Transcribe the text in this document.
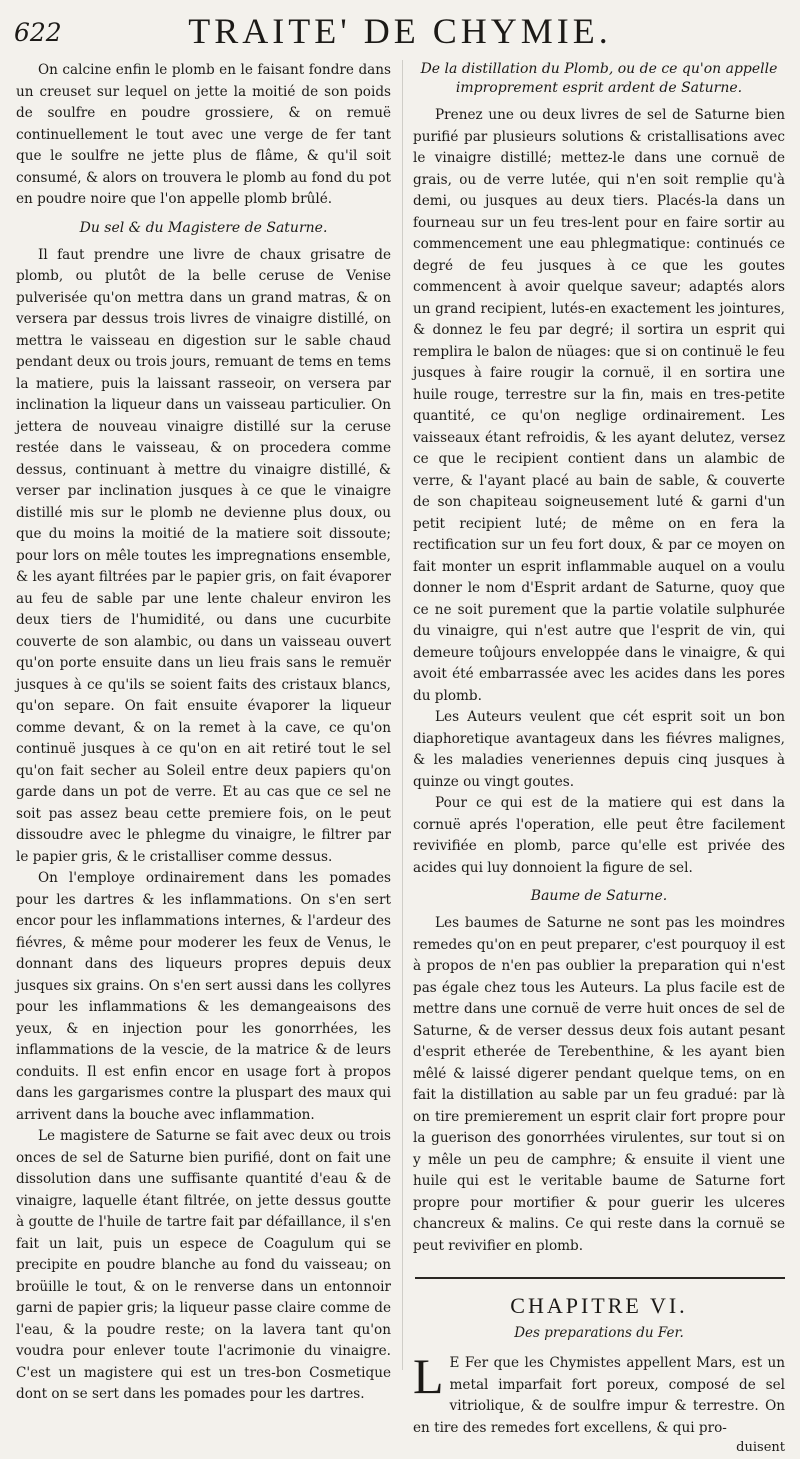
622	TRAITE' DE CHYMIE.

On calcine enfin le plomb en le faisant fondre dans un creuset sur lequel on jette la moitié de son poids de soulfre en poudre grossiere, & on remuë continuellement le tout avec une verge de fer tant que le soulfre ne jette plus de flâme, & qu'il soit consumé, & alors on trouvera le plomb au fond du pot en poudre noire que l'on appelle plomb brûlé.

Du sel & du Magistere de Saturne.

Il faut prendre une livre de chaux grisatre de plomb, ou plutôt de la belle ceruse de Venise pulverisée qu'on mettra dans un grand matras, & on versera par dessus trois livres de vinaigre distillé, on mettra le vaisseau en digestion sur le sable chaud pendant deux ou trois jours, remuant de tems en tems la matiere, puis la laissant rasseoir, on versera par inclination la liqueur dans un vaisseau particulier. On jettera de nouveau vinaigre distillé sur la ceruse restée dans le vaisseau, & on procedera comme dessus, continuant à mettre du vinaigre distillé, & verser par inclination jusques à ce que le vinaigre distillé mis sur le plomb ne devienne plus doux, ou que du moins la moitié de la matiere soit dissoute; pour lors on mêle toutes les impregnations ensemble, & les ayant filtrées par le papier gris, on fait évaporer au feu de sable par une lente chaleur environ les deux tiers de l'humidité, ou dans une cucurbite couverte de son alambic, ou dans un vaisseau ouvert qu'on porte ensuite dans un lieu frais sans le remuër jusques à ce qu'ils se soient faits des cristaux blancs, qu'on separe. On fait ensuite évaporer la liqueur comme devant, & on la remet à la cave, ce qu'on continuë jusques à ce qu'on en ait retiré tout le sel qu'on fait secher au Soleil entre deux papiers qu'on garde dans un pot de verre. Et au cas que ce sel ne soit pas assez beau cette premiere fois, on le peut dissoudre avec le phlegme du vinaigre, le filtrer par le papier gris, & le cristalliser comme dessus.

On l'employe ordinairement dans les pomades pour les dartres & les inflammations. On s'en sert encor pour les inflammations internes, & l'ardeur des fiévres, & même pour moderer les feux de Venus, le donnant dans des liqueurs propres depuis deux jusques six grains. On s'en sert aussi dans les collyres pour les inflammations & les demangeaisons des yeux, & en injection pour les gonorrhées, les inflammations de la vescie, de la matrice & de leurs conduits. Il est enfin encor en usage fort à propos dans les gargarismes contre la pluspart des maux qui arrivent dans la bouche avec inflammation.

Le magistere de Saturne se fait avec deux ou trois onces de sel de Saturne bien purifié, dont on fait une dissolution dans une suffisante quantité d'eau & de vinaigre, laquelle étant filtrée, on jette dessus goutte à goutte de l'huile de tartre fait par défaillance, il s'en fait un lait, puis un espece de Coagulum qui se precipite en poudre blanche au fond du vaisseau; on broüille le tout, & on le renverse dans un entonnoir garni de papier gris; la liqueur passe claire comme de l'eau, & la poudre reste; on la lavera tant qu'on voudra pour enlever toute l'acrimonie du vinaigre. C'est un magistere qui est un tres-bon Cosmetique dont on se sert dans les pomades pour les dartres.

De la distillation du Plomb, ou de ce qu'on appelle improprement esprit ardent de Saturne.

Prenez une ou deux livres de sel de Saturne bien purifié par plusieurs solutions & cristallisations avec le vinaigre distillé; mettez-le dans une cornuë de grais, ou de verre lutée, qui n'en soit remplie qu'à demi, ou jusques au deux tiers. Placés-la dans un fourneau sur un feu tres-lent pour en faire sortir au commencement une eau phlegmatique: continués ce degré de feu jusques à ce que les goutes commencent à avoir quelque saveur; adaptés alors un grand recipient, lutés-en exactement les jointures, & donnez le feu par degré; il sortira un esprit qui remplira le balon de nüages: que si on continuë le feu jusques à faire rougir la cornuë, il en sortira une huile rouge, terrestre sur la fin, mais en tres-petite quantité, ce qu'on neglige ordinairement. Les vaisseaux étant refroidis, & les ayant delutez, versez ce que le recipient contient dans un alambic de verre, & l'ayant placé au bain de sable, & couverte de son chapiteau soigneusement luté & garni d'un petit recipient luté; de même on en fera la rectification sur un feu fort doux, & par ce moyen on fait monter un esprit inflammable auquel on a voulu donner le nom d'Esprit ardant de Saturne, quoy que ce ne soit purement que la partie volatile sulphurée du vinaigre, qui n'est autre que l'esprit de vin, qui demeure toûjours enveloppée dans le vinaigre, & qui avoit été embarrassée avec les acides dans les pores du plomb.

Les Auteurs veulent que cét esprit soit un bon diaphoretique avantageux dans les fiévres malignes, & les maladies veneriennes depuis cinq jusques à quinze ou vingt goutes.

Pour ce qui est de la matiere qui est dans la cornuë aprés l'operation, elle peut être facilement revivifiée en plomb, parce qu'elle est privée des acides qui luy donnoient la figure de sel.

Baume de Saturne.

Les baumes de Saturne ne sont pas les moindres remedes qu'on en peut preparer, c'est pourquoy il est à propos de n'en pas oublier la preparation qui n'est pas égale chez tous les Auteurs. La plus facile est de mettre dans une cornuë de verre huit onces de sel de Saturne, & de verser dessus deux fois autant pesant d'esprit etherée de Terebenthine, & les ayant bien mêlé & laissé digerer pendant quelque tems, on en fait la distillation au sable par un feu gradué: par là on tire premierement un esprit clair fort propre pour la guerison des gonorrhées virulentes, sur tout si on y mêle un peu de camphre; & ensuite il vient une huile qui est le veritable baume de Saturne fort propre pour mortifier & pour guerir les ulceres chancreux & malins. Ce qui reste dans la cornuë se peut revivifier en plomb.

CHAPITRE VI.
Des preparations du Fer.

L E Fer que les Chymistes appellent Mars, est un metal imparfait fort poreux, composé de sel vitriolique, & de soulfre impur & terrestre. On en tire des remedes fort excellens, & qui pro-

duisent
